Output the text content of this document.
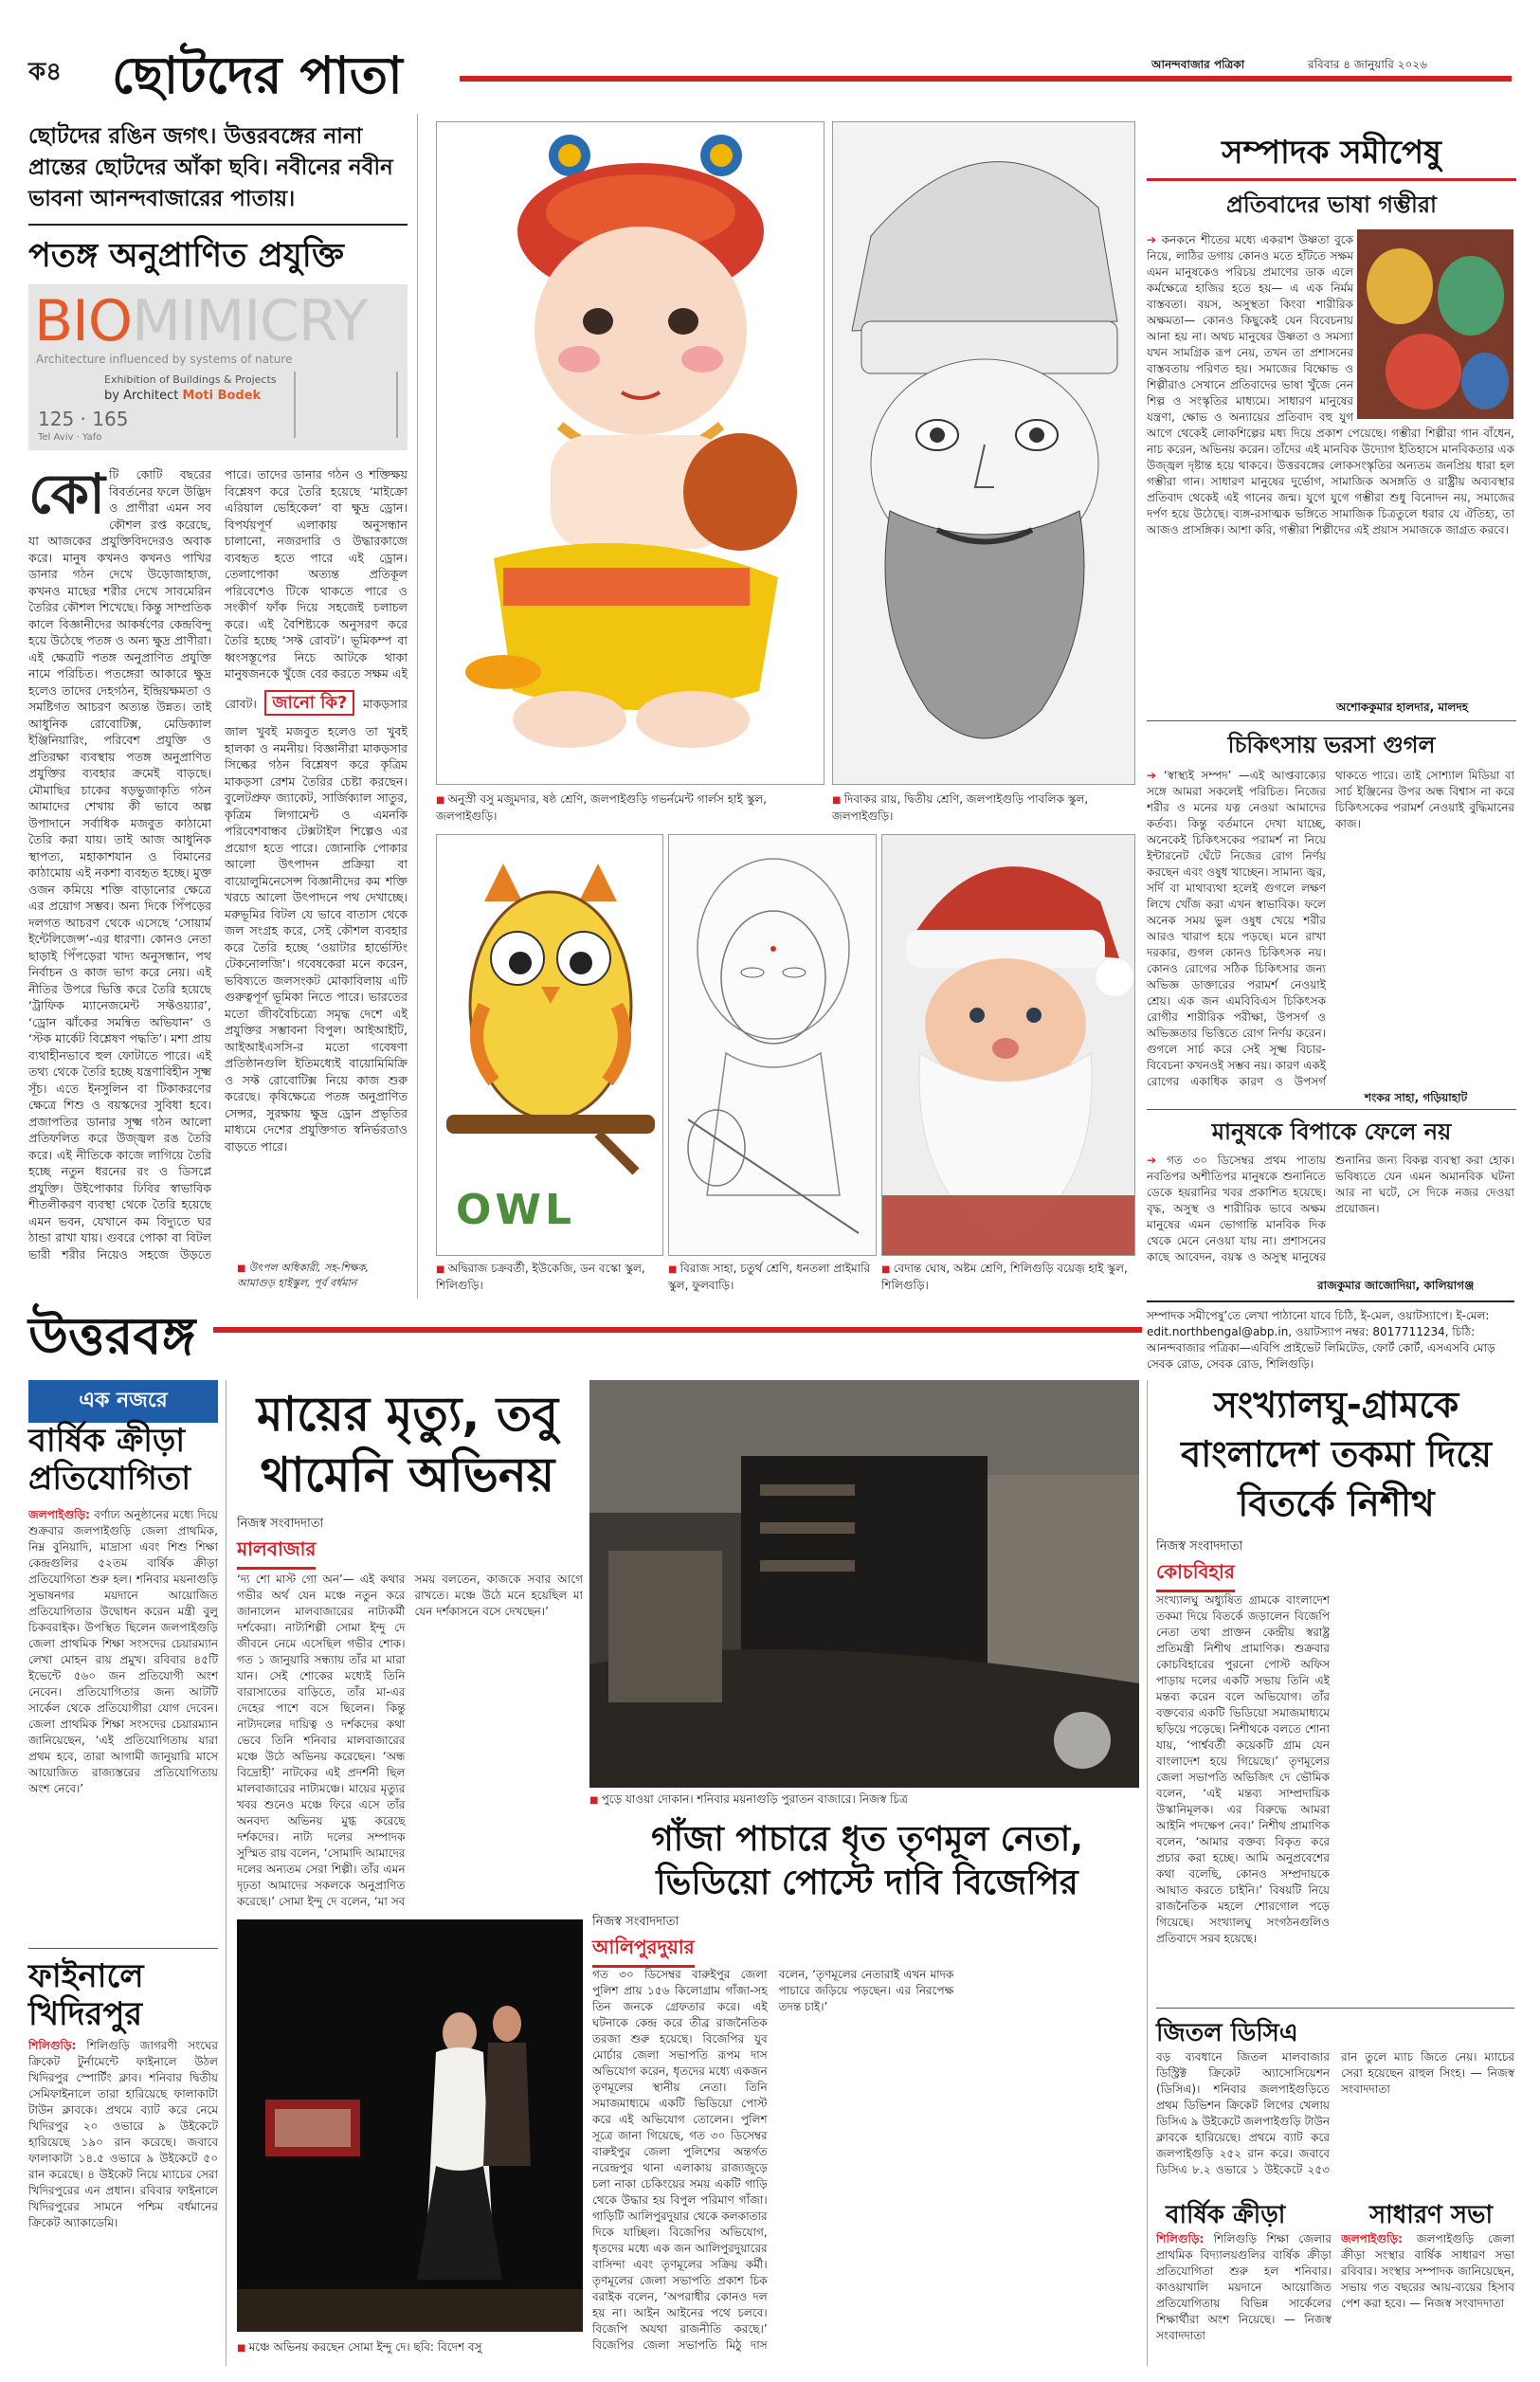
ক৪ ছোটদের পাতা	আনন্দবাজার পত্রিকা	রবিবার ৪ জানুয়ারি ২০২৬
ছোটদের রঙিন জগৎ। উত্তরবঙ্গের নানা প্রান্তের ছোটদের আঁকা ছবি। নবীনের নবীন ভাবনা আনন্দবাজারের পাতায়।
পতঙ্গ অনুপ্রাণিত প্রযুক্তি
BIOMIMICRY
Architecture influenced by systems of nature
Exhibition of Buildings & Projects
by Architect Moti Bodek
125 · 165
Tel Aviv · Yafo
কোটি কোটি বছরের বিবর্তনের ফলে উদ্ভিদ ও প্রাণীরা এমন সব কৌশল রপ্ত করেছে, যা আজকের প্রযুক্তিবিদদেরও অবাক করে। মানুষ কখনও কখনও পাখির ডানার গঠন দেখে উড়োজাহাজ, কখনও মাছের শরীর দেখে সাবমেরিন তৈরির কৌশল শিখেছে। কিন্তু সাম্প্রতিক কালে বিজ্ঞানীদের আকর্ষণের কেন্দ্রবিন্দু হয়ে উঠেছে পতঙ্গ ও অন্য ক্ষুদ্র প্রাণীরা। এই ক্ষেত্রটি পতঙ্গ অনুপ্রাণিত প্রযুক্তি নামে পরিচিত। পতঙ্গেরা আকারে ক্ষুদ্র হলেও তাদের দেহগঠন, ইন্দ্রিয়ক্ষমতা ও সমষ্টিগত আচরণ অত্যন্ত উন্নত। তাই আধুনিক রোবোটিক্স, মেডিক্যাল ইঞ্জিনিয়ারিং, পরিবেশ প্রযুক্তি ও প্রতিরক্ষা ব্যবস্থায় পতঙ্গ অনুপ্রাণিত প্রযুক্তির ব্যবহার ক্রমেই বাড়ছে। মৌমাছির চাকের ষড়ভুজাকৃতি গঠন আমাদের শেখায় কী ভাবে অল্প উপাদানে সর্বাধিক মজবুত কাঠামো তৈরি করা যায়। তাই আজ আধুনিক স্থাপত্য, মহাকাশযান ও বিমানের কাঠামোয় এই নকশা ব্যবহৃত হচ্ছে। মুক্ত ওজন কমিয়ে শক্তি বাড়ানোর ক্ষেত্রে এর প্রয়োগ সম্ভব। অন্য দিকে পিঁপড়ের দলগত আচরণ থেকে এসেছে ‘সোয়ার্ম ইন্টেলিজেন্স’-এর ধারণা। কোনও নেতা ছাড়াই পিঁপড়েরা খাদ্য অনুসন্ধান, পথ নির্বাচন ও কাজ ভাগ করে নেয়। এই নীতির উপরে ভিত্তি করে তৈরি হয়েছে ‘ট্রাফিক ম্যানেজমেন্ট সফ্টওয়্যার’, ‘ড্রোন ঝাঁকের সমন্বিত অভিযান’ ও ‘স্টক মার্কেট বিশ্লেষণ পদ্ধতি’। মশা প্রায় ব্যথাহীনভাবে হুল ফোটাতে পারে। এই তথ্য থেকে তৈরি হচ্ছে যন্ত্রণাবিহীন সূক্ষ্ম সূঁচ। এতে ইনসুলিন বা টিকাকরণের ক্ষেত্রে শিশু ও বয়স্কদের সুবিধা হবে। প্রজাপতির ডানার সূক্ষ্ম গঠন আলো প্রতিফলিত করে উজ্জ্বল রঙ তৈরি করে। এই নীতিকে কাজে লাগিয়ে তৈরি হচ্ছে নতুন ধরনের রং ও ডিসপ্লে প্রযুক্তি। উইপোকার ঢিবির স্বাভাবিক শীতলীকরণ ব্যবস্থা থেকে তৈরি হয়েছে এমন ভবন, যেখানে কম বিদ্যুতে ঘর ঠান্ডা রাখা যায়। গুবরে পোকা বা বিটল ভারী শরীর নিয়েও সহজে উড়তে পারে। তাদের ডানার গঠন ও শক্তিক্ষয় বিশ্লেষণ করে তৈরি হয়েছে ‘মাইক্রো এরিয়াল ভেহিকেল’ বা ক্ষুদ্র ড্রোন। বিপর্যয়পূর্ণ এলাকায় অনুসন্ধান চালানো, নজরদারি ও উদ্ধারকাজে ব্যবহৃত হতে পারে এই ড্রোন। তেলাপোকা অত্যন্ত প্রতিকূল পরিবেশেও টিকে থাকতে পারে ও সংকীর্ণ ফাঁক দিয়ে সহজেই চলাচল করে। এই বৈশিষ্ট্যকে অনুসরণ করে তৈরি হচ্ছে ‘সফ্ট রোবট’। ভূমিকম্প বা ধ্বংসস্তূপের নিচে আটকে থাকা মানুষজনকে খুঁজে বের করতে সক্ষম এই রোবট। জানো কি? মাকড়সার জাল খুবই মজবুত হলেও তা খুবই হালকা ও নমনীয়। বিজ্ঞানীরা মাকড়সার সিল্কের গঠন বিশ্লেষণ করে কৃত্রিম মাকড়সা রেশম তৈরির চেষ্টা করছেন। বুলেটপ্রুফ জ্যাকেট, সার্জিক্যাল সাতুর, কৃত্রিম লিগামেন্ট ও এমনকি পরিবেশবান্ধব টেক্সটাইল শিল্পেও এর প্রয়োগ হতে পারে। জোনাকি পোকার আলো উৎপাদন প্রক্রিয়া বা বায়োলুমিনেসেন্স বিজ্ঞানীদের কম শক্তি খরচে আলো উৎপাদনে পথ দেখাচ্ছে। মরুভূমির বিটল যে ভাবে বাতাস থেকে জল সংগ্রহ করে, সেই কৌশল ব্যবহার করে তৈরি হচ্ছে ‘ওয়াটার হার্ভেস্টিং টেকনোলজি’। গবেষকেরা মনে করেন, ভবিষ্যতে জলসংকট মোকাবিলায় এটি গুরুত্বপূর্ণ ভূমিকা নিতে পারে। ভারতের মতো জীববৈচিত্র্যে সমৃদ্ধ দেশে এই প্রযুক্তির সম্ভাবনা বিপুল। আইআইটি, আইআইএসসি-র মতো গবেষণা প্রতিষ্ঠানগুলি ইতিমধ্যেই বায়োমিমিক্রি ও সফ্ট রোবোটিক্স নিয়ে কাজ শুরু করেছে। কৃষিক্ষেত্রে পতঙ্গ অনুপ্রাণিত সেন্সর, সুরক্ষায় ক্ষুদ্র ড্রোন প্রভৃতির মাধ্যমে দেশের প্রযুক্তিগত স্বনির্ভরতাও বাড়তে পারে।
■ উৎপল অধিকারী, সহ-শিক্ষক, আমাগুড় হাইস্কুল, পূর্ব বর্ধমান
■ অনুস্রী বসু মজুমদার, ষষ্ঠ শ্রেণি, জলপাইগুড়ি গভর্নমেন্ট গার্লস হাই স্কুল, জলপাইগুড়ি।
■ দিবাকর রায়, দ্বিতীয় শ্রেণি, জলপাইগুড়ি পাবলিক স্কুল, জলপাইগুড়ি।
OWL
■ অদ্বিরাজ চক্রবর্তী, ইউকেজি, ডন বস্কো স্কুল, শিলিগুড়ি।
■ বিরাজ সাহা, চতুর্থ শ্রেণি, ধনতলা প্রাইমারি স্কুল, ফুলবাড়ি।
■ বেদান্ত ঘোষ, অষ্টম শ্রেণি, শিলিগুড়ি বয়েজ় হাই স্কুল, শিলিগুড়ি।
সম্পাদক সমীপেষু
প্রতিবাদের ভাষা গম্ভীরা
➔ কনকনে শীতের মধ্যে একরাশ উষ্ণতা বুকে নিয়ে, লাঠির ডগায় কোনও মতে হাঁটতে সক্ষম এমন মানুষকেও পরিচয় প্রমাণের ডাক এলে কর্মক্ষেত্রে হাজির হতে হয়— এ এক নির্মম বাস্তবতা। বয়স, অসুস্থতা কিংবা শারীরিক অক্ষমতা— কোনও কিছুকেই যেন বিবেচনায় আনা হয় না। অথচ মানুষের উষ্ণতা ও সমস্যা যখন সামগ্রিক রূপ নেয়, তখন তা প্রশাসনের বাস্তবতায় পরিণত হয়। সমাজের বিক্ষোভ ও শিল্পীরাও সেখানে প্রতিবাদের ভাষা খুঁজে নেন শিল্প ও সংস্কৃতির মাধ্যমে। সাধারণ মানুষের যন্ত্রণা, ক্ষোভ ও অন্যায়ের প্রতিবাদ বহু যুগ আগে থেকেই লোকশিল্পের মধ্য দিয়ে প্রকাশ পেয়েছে। গম্ভীরা শিল্পীরা গান বাঁধেন, নাচ করেন, অভিনয় করেন। তাঁদের এই মানবিক উদ্যোগ ইতিহাসে মানবিকতার এক উজ্জ্বল দৃষ্টান্ত হয়ে থাকবে। উত্তরবঙ্গের লোকসংস্কৃতির অন্যতম জনপ্রিয় ধারা হল গম্ভীরা গান। সাধারণ মানুষের দুর্ভোগ, সামাজিক অসঙ্গতি ও রাষ্ট্রীয় অব্যবস্থার প্রতিবাদ থেকেই এই গানের জন্ম। যুগে যুগে গম্ভীরা শুধু বিনোদন নয়, সমাজের দর্পণ হয়ে উঠেছে। ব্যঙ্গ-রসাত্মক ভঙ্গিতে সামাজিক চিত্রতুলে ধরার যে ঐতিহ্য, তা আজও প্রাসঙ্গিক। আশা করি, গম্ভীরা শিল্পীদের এই প্রয়াস সমাজকে জাগ্রত করবে।
অশোককুমার হালদার, মালদহ
চিকিৎসায় ভরসা গুগল
➔ ‘স্বাস্থ্যই সম্পদ’ —এই আপ্তবাক্যের সঙ্গে আমরা সকলেই পরিচিত। নিজের শরীর ও মনের যত্ন নেওয়া আমাদের কর্তব্য। কিন্তু বর্তমানে দেখা যাচ্ছে, অনেকেই চিকিৎসকের পরামর্শ না নিয়ে ইন্টারনেট ঘেঁটে নিজের রোগ নির্ণয় করছেন এবং ওষুধ খাচ্ছেন। সামান্য জ্বর, সর্দি বা মাথাব্যথা হলেই গুগলে লক্ষণ লিখে খোঁজ করা এখন স্বাভাবিক। ফলে অনেক সময় ভুল ওষুধ খেয়ে শরীর আরও খারাপ হয়ে পড়ছে। মনে রাখা দরকার, গুগল কোনও চিকিৎসক নয়। কোনও রোগের সঠিক চিকিৎসার জন্য অভিজ্ঞ ডাক্তারের পরামর্শ নেওয়াই শ্রেয়। এক জন এমবিবিএস চিকিৎসক রোগীর শারীরিক পরীক্ষা, উপসর্গ ও অভিজ্ঞতার ভিত্তিতে রোগ নির্ণয় করেন। গুগলে সার্চ করে সেই সূক্ষ্ম বিচার-বিবেচনা কখনওই সম্ভব নয়। কারণ একই রোগের একাধিক কারণ ও উপসর্গ থাকতে পারে। তাই সোশ্যাল মিডিয়া বা সার্চ ইঞ্জিনের উপর অন্ধ বিশ্বাস না করে চিকিৎসকের পরামর্শ নেওয়াই বুদ্ধিমানের কাজ।
শংকর সাহা, গড়িয়াহাট
মানুষকে বিপাকে ফেলে নয়
➔ গত ৩০ ডিসেম্বর প্রথম পাতায় নবতিপর অশীতিপর মানুষকে শুনানিতে ডেকে হয়রানির খবর প্রকাশিত হয়েছে। বৃদ্ধ, অসুস্থ ও শারীরিক ভাবে অক্ষম মানুষের এমন ভোগান্তি মানবিক দিক থেকে মেনে নেওয়া যায় না। প্রশাসনের কাছে আবেদন, বয়স্ক ও অসুস্থ মানুষের শুনানির জন্য বিকল্প ব্যবস্থা করা হোক। ভবিষ্যতে যেন এমন অমানবিক ঘটনা আর না ঘটে, সে দিকে নজর দেওয়া প্রয়োজন।
রাজকুমার জাজোদিয়া, কালিয়াগঞ্জ
সম্পাদক সমীপেষু’তে লেখা পাঠানো যাবে চিঠি, ই-মেল, ওয়াটস্যাপে। ই-মেল: edit.northbengal@abp.in, ওয়াটস্যাপ নম্বর: 8017711234, চিঠি: আনন্দবাজার পত্রিকা—এবিপি প্রাইভেট লিমিটেড, ফোর্ট কোর্ট, এসএসবি মোড় সেবক রোড, সেবক রোড, শিলিগুড়ি।
উত্তরবঙ্গ
এক নজরে
বার্ষিক ক্রীড়া প্রতিযোগিতা
জলপাইগুড়ি: বর্ণাঢ্য অনুষ্ঠানের মধ্যে দিয়ে শুক্রবার জলপাইগুড়ি জেলা প্রাথমিক, নিম্ন বুনিয়াদি, মাদ্রাসা এবং শিশু শিক্ষা কেন্দ্রগুলির ৫২তম বার্ষিক ক্রীড়া প্রতিযোগিতা শুরু হল। শনিবার ময়নাগুড়ি সুভাষনগর ময়দানে আয়োজিত প্রতিযোগিতার উদ্বোধন করেন মন্ত্রী বুলু চিকবরাইক। উপস্থিত ছিলেন জলপাইগুড়ি জেলা প্রাথমিক শিক্ষা সংসদের চেয়ারম্যান লেখা মোহন রায় প্রমুখ। রবিবার ৪৫টি ইভেন্টে ৫৬০ জন প্রতিযোগী অংশ নেবেন। প্রতিযোগিতার জন্য আটটি সার্কেল থেকে প্রতিযোগীরা যোগ দেবেন। জেলা প্রাথমিক শিক্ষা সংসদের চেয়ারম্যান জানিয়েছেন, ‘এই প্রতিযোগিতায় যারা প্রথম হবে, তারা আগামী জানুয়ারি মাসে আয়োজিত রাজ্যস্তরের প্রতিযোগিতায় অংশ নেবে।’
ফাইনালে খিদিরপুর
শিলিগুড়ি: শিলিগুড়ি জাগরণী সংঘের ক্রিকেট টুর্নামেন্টে ফাইনালে উঠল খিদিরপুর স্পোর্টিং ক্লাব। শনিবার দ্বিতীয় সেমিফাইনালে তারা হারিয়েছে ফালাকাটা টাউন ক্লাবকে। প্রথমে ব্যাট করে নেমে খিদিরপুর ২০ ওভারে ৯ উইকেটে হারিয়েছে ১৯০ রান করেছে। জবাবে ফালাকাটা ১৪.৫ ওভারে ৯ উইকেটে ৫০ রান করেছে। ৪ উইকেট নিয়ে ম্যাচের সেরা খিদিরপুরের এন প্রধান। রবিবার ফাইনালে খিদিরপুরের সামনে পশ্চিম বর্ধমানের ক্রিকেট অ্যাকাডেমি।
মায়ের মৃত্যু, তবু থামেনি অভিনয়
নিজস্ব সংবাদদাতা
মালবাজার
‘দ্য শো মাস্ট গো অন’— এই কথার গভীর অর্থ যেন মঞ্চে নতুন করে জানালেন মালবাজারের নাট্যকর্মী দর্শকেরা। নাট্যশিল্পী সোমা ইন্দু দে জীবনে নেমে এসেছিল গভীর শোক। গত ১ জানুয়ারি সন্ধ্যায় তাঁর মা মারা যান। সেই শোকের মধ্যেই তিনি বারাসাতের বাড়িতে, তাঁর মা-এর দেহের পাশে বসে ছিলেন। কিন্তু নাট্যদলের দায়িত্ব ও দর্শকদের কথা ভেবে তিনি শনিবার মালবাজারের মঞ্চে উঠে অভিনয় করেছেন। ‘অন্ধ বিদ্রোহী’ নাটকের এই প্রদর্শনী ছিল মালবাজারের নাট্যমঞ্চে। মায়ের মৃত্যুর খবর শুনেও মঞ্চে ফিরে এসে তাঁর অনবদ্য অভিনয় মুগ্ধ করেছে দর্শকদের। নাট্য দলের সম্পাদক সুস্মিত রায় বলেন, ‘সোমাদি আমাদের দলের অন্যতম সেরা শিল্পী। তাঁর এমন দৃঢ়তা আমাদের সকলকে অনুপ্রাণিত করেছে।’ সোমা ইন্দু দে বলেন, ‘মা সব সময় বলতেন, কাজকে সবার আগে রাখতে। মঞ্চে উঠে মনে হয়েছিল মা যেন দর্শকাসনে বসে দেখছেন।’
■ মঞ্চে অভিনয় করছেন সোমা ইন্দু দে। ছবি: বিদেশ বসু
■ পুড়ে যাওয়া দোকান। শনিবার ময়নাগুড়ি পুরাতন বাজারে। নিজস্ব চিত্র
গাঁজা পাচারে ধৃত তৃণমূল নেতা, ভিডিয়ো পোস্টে দাবি বিজেপির
নিজস্ব সংবাদদাতা
আলিপুরদুয়ার
গত ৩০ ডিসেম্বর বারুইপুর জেলা পুলিশ প্রায় ১৫৬ কিলোগ্রাম গাঁজা-সহ তিন জনকে গ্রেফতার করে। এই ঘটনাকে কেন্দ্র করে তীব্র রাজনৈতিক তরজা শুরু হয়েছে। বিজেপির যুব মোর্চার জেলা সভাপতি রূপম দাস অভিযোগ করেন, ধৃতদের মধ্যে একজন তৃণমূলের স্থানীয় নেতা। তিনি সমাজমাধ্যমে একটি ভিডিয়ো পোস্ট করে এই অভিযোগ তোলেন। পুলিশ সূত্রে জানা গিয়েছে, গত ৩০ ডিসেম্বর বারুইপুর জেলা পুলিশের অন্তর্গত নরেন্দ্রপুর থানা এলাকায় রাজ্যজুড়ে চলা নাকা চেকিংয়ের সময় একটি গাড়ি থেকে উদ্ধার হয় বিপুল পরিমাণ গাঁজা। গাড়িটি আলিপুরদুয়ার থেকে কলকাতার দিকে যাচ্ছিল। বিজেপির অভিযোগ, ধৃতদের মধ্যে এক জন আলিপুরদুয়ারের বাসিন্দা এবং তৃণমূলের সক্রিয় কর্মী। তৃণমূলের জেলা সভাপতি প্রকাশ চিক বরাইক বলেন, ‘অপরাধীর কোনও দল হয় না। আইন আইনের পথে চলবে। বিজেপি অযথা রাজনীতি করছে।’ বিজেপির জেলা সভাপতি মিঠু দাস বলেন, ‘তৃণমূলের নেতারাই এখন মাদক পাচারে জড়িয়ে পড়ছেন। এর নিরপেক্ষ তদন্ত চাই।’
সংখ্যালঘু-গ্রামকে বাংলাদেশ তকমা দিয়ে বিতর্কে নিশীথ
নিজস্ব সংবাদদাতা
কোচবিহার
সংখ্যালঘু অধ্যুষিত গ্রামকে বাংলাদেশ তকমা দিয়ে বিতর্কে জড়ালেন বিজেপি নেতা তথা প্রাক্তন কেন্দ্রীয় স্বরাষ্ট্র প্রতিমন্ত্রী নিশীথ প্রামাণিক। শুক্রবার কোচবিহারের পুরনো পোস্ট অফিস পাড়ায় দলের একটি সভায় তিনি এই মন্তব্য করেন বলে অভিযোগ। তাঁর বক্তব্যের একটি ভিডিয়ো সমাজমাধ্যমে ছড়িয়ে পড়েছে। নিশীথকে বলতে শোনা যায়, ‘পার্শ্ববর্তী কয়েকটি গ্রাম যেন বাংলাদেশ হয়ে গিয়েছে।’ তৃণমূলের জেলা সভাপতি অভিজিৎ দে ভৌমিক বলেন, ‘এই মন্তব্য সাম্প্রদায়িক উস্কানিমূলক। এর বিরুদ্ধে আমরা আইনি পদক্ষেপ নেব।’ নিশীথ প্রামাণিক বলেন, ‘আমার বক্তব্য বিকৃত করে প্রচার করা হচ্ছে। আমি অনুপ্রবেশের কথা বলেছি, কোনও সম্প্রদায়কে আঘাত করতে চাইনি।’ বিষয়টি নিয়ে রাজনৈতিক মহলে শোরগোল পড়ে গিয়েছে। সংখ্যালঘু সংগঠনগুলিও প্রতিবাদে সরব হয়েছে।
জিতল ডিসিএ
বড় ব্যবধানে জিতল মালবাজার ডিস্ট্রিক্ট ক্রিকেট অ্যাসোসিয়েশন (ডিসিএ)। শনিবার জলপাইগুড়িতে প্রথম ডিভিশন ক্রিকেট লিগের খেলায় ডিসিএ ৯ উইকেটে জলপাইগুড়ি টাউন ক্লাবকে হারিয়েছে। প্রথমে ব্যাট করে জলপাইগুড়ি ২৫২ রান করে। জবাবে ডিসিএ ৮.২ ওভারে ১ উইকেটে ২৫৩ রান তুলে ম্যাচ জিতে নেয়। ম্যাচের সেরা হয়েছেন রাহুল সিংহ। — নিজস্ব সংবাদদাতা
বার্ষিক ক্রীড়া
শিলিগুড়ি: শিলিগুড়ি শিক্ষা জেলার প্রাথমিক বিদ্যালয়গুলির বার্ষিক ক্রীড়া প্রতিযোগিতা শুরু হল শনিবার। কাওয়াখালি ময়দানে আয়োজিত প্রতিযোগিতায় বিভিন্ন সার্কেলের শিক্ষার্থীরা অংশ নিয়েছে। — নিজস্ব সংবাদদাতা
সাধারণ সভা
জলপাইগুড়ি: জলপাইগুড়ি জেলা ক্রীড়া সংস্থার বার্ষিক সাধারণ সভা রবিবার। সংস্থার সম্পাদক জানিয়েছেন, সভায় গত বছরের আয়-ব্যয়ের হিসাব পেশ করা হবে। — নিজস্ব সংবাদদাতা
